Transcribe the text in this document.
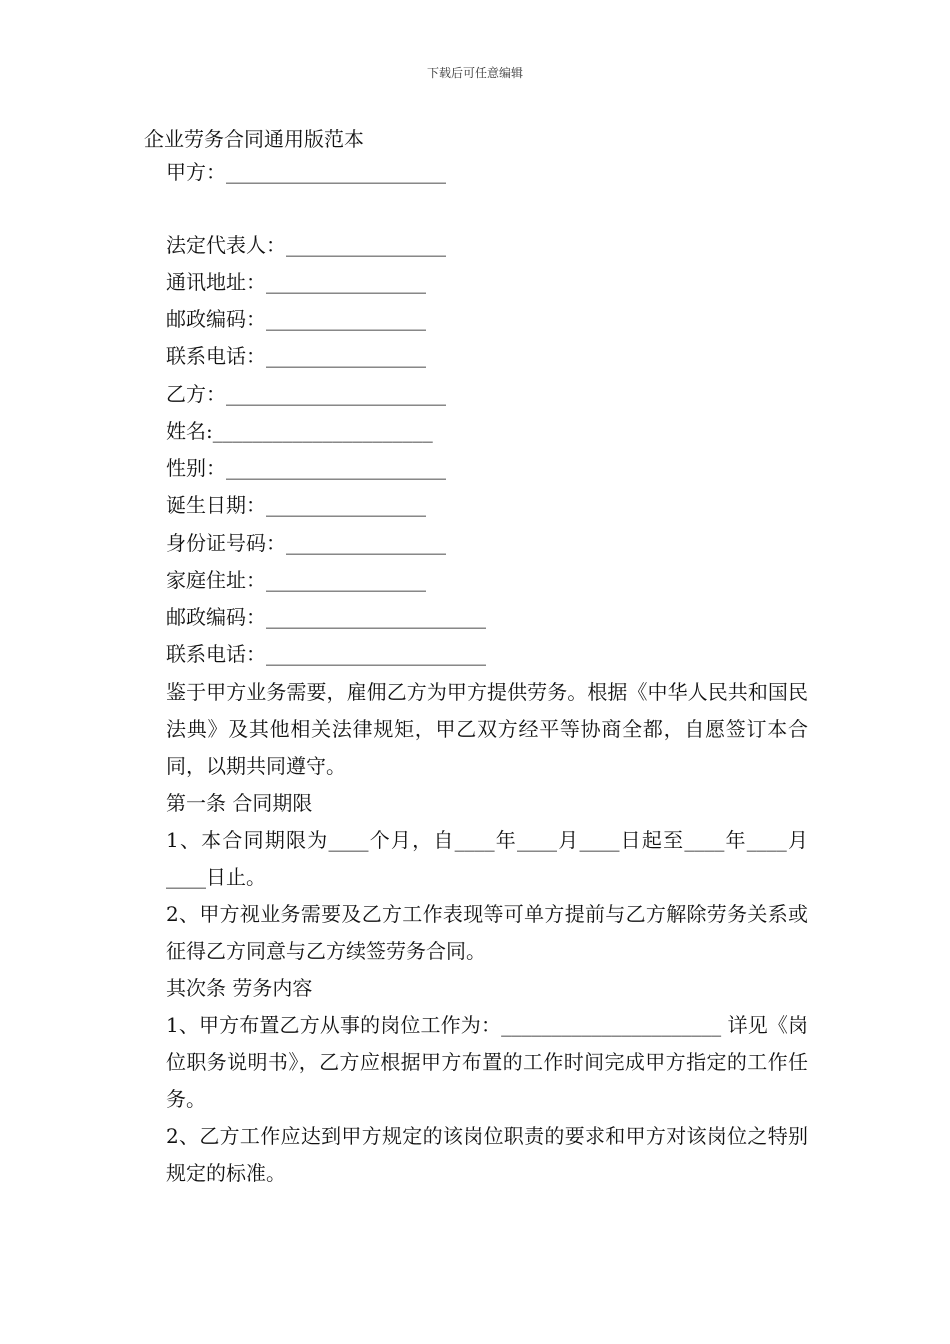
下载后可任意编辑
企业劳务合同通用版范本
甲方：______________________
法定代表人：________________
通讯地址：________________
邮政编码：________________
联系电话：________________
乙方：______________________
姓名:______________________
性别：______________________
诞生日期：________________
身份证号码：________________
家庭住址：________________
邮政编码：______________________
联系电话：______________________

鉴于甲方业务需要，雇佣乙方为甲方提供劳务。根据《中华人民共和国民法典》及其他相关法律规矩，甲乙双方经平等协商全都，自愿签订本合同，以期共同遵守。

第一条 合同期限

1、本合同期限为____个月，自____年____月____日起至____年____月____日止。

2、甲方视业务需要及乙方工作表现等可单方提前与乙方解除劳务关系或征得乙方同意与乙方续签劳务合同。

其次条 劳务内容

1、甲方布置乙方从事的岗位工作为：______________________ 详见《岗位职务说明书》，乙方应根据甲方布置的工作时间完成甲方指定的工作任务。

2、乙方工作应达到甲方规定的该岗位职责的要求和甲方对该岗位之特别规定的标准。
